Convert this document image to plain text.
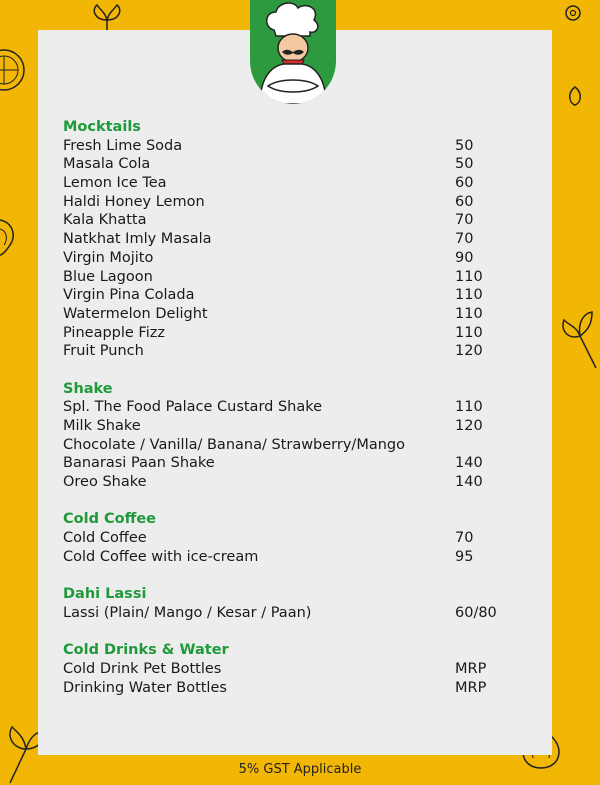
Mocktails
Fresh Lime Soda	50
Masala Cola	50
Lemon Ice Tea	60
Haldi Honey Lemon	60
Kala Khatta	70
Natkhat Imly Masala	70
Virgin Mojito	90
Blue Lagoon	110
Virgin Pina Colada	110
Watermelon Delight	110
Pineapple Fizz	110
Fruit Punch	120
Shake
Spl. The Food Palace Custard Shake	110
Milk Shake	120
Chocolate / Vanilla/ Banana/ Strawberry/Mango
Banarasi Paan Shake	140
Oreo Shake	140
Cold Coffee
Cold Coffee	70
Cold Coffee with ice-cream	95
Dahi Lassi
Lassi (Plain/ Mango / Kesar / Paan)	60/80
Cold Drinks & Water
Cold Drink Pet Bottles	MRP
Drinking Water Bottles	MRP
5% GST Applicable
